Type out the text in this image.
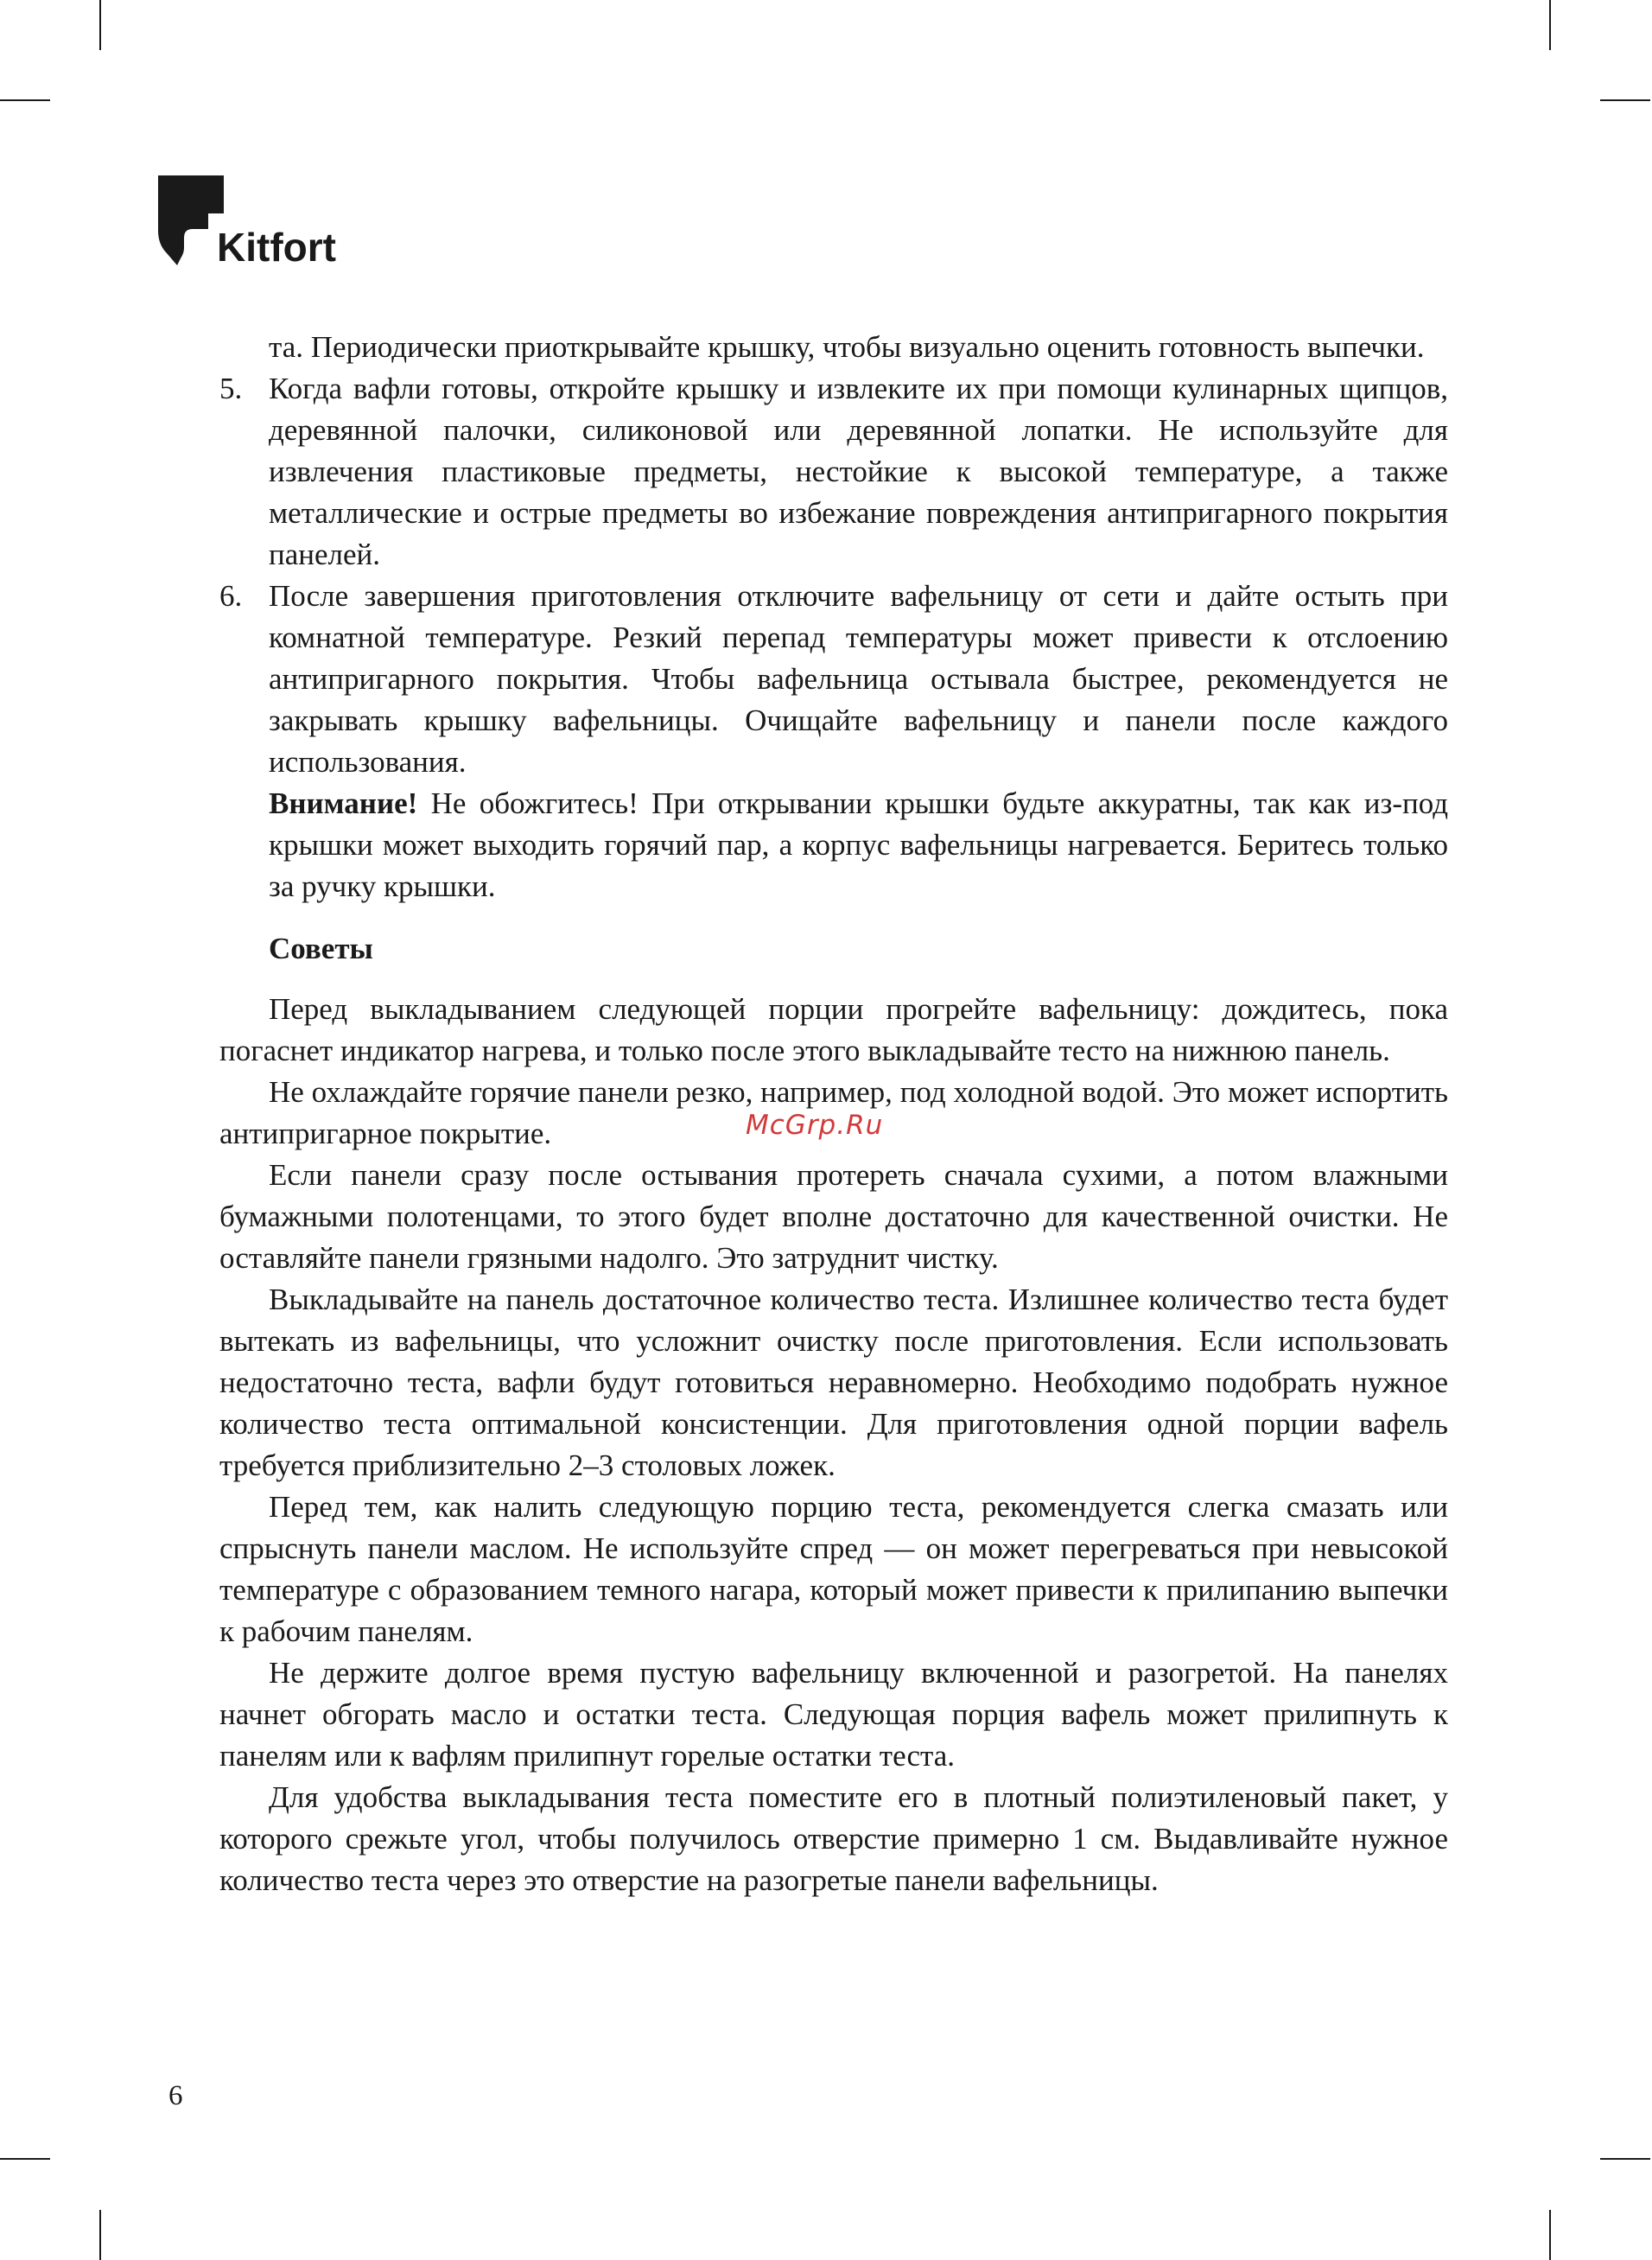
Kitfort
та. Периодически приоткрывайте крышку, чтобы визуально оценить готовность выпечки.
5. Когда вафли готовы, откройте крышку и извлеките их при помощи кулинарных щипцов, деревянной палочки, силиконовой или деревянной лопатки. Не используйте для извлечения пластиковые предметы, нестойкие к высокой температуре, а также металлические и острые предметы во избежание повреждения антипригарного покрытия панелей.
6. После завершения приготовления отключите вафельницу от сети и дайте остыть при комнатной температуре. Резкий перепад температуры может привести к отслоению антипригарного покрытия. Чтобы вафельница остывала быстрее, рекомендуется не закрывать крышку вафельницы. Очищайте вафельницу и панели после каждого использования.
Внимание! Не обожгитесь! При открывании крышки будьте аккуратны, так как из-под крышки может выходить горячий пар, а корпус вафельницы нагревается. Беритесь только за ручку крышки.
Советы

Перед выкладыванием следующей порции прогрейте вафельницу: дождитесь, пока погаснет индикатор нагрева, и только после этого выкладывайте тесто на нижнюю панель.

Не охлаждайте горячие панели резко, например, под холодной водой. Это может испортить антипригарное покрытие.

Если панели сразу после остывания протереть сначала сухими, а потом влажными бумажными полотенцами, то этого будет вполне достаточно для качественной очистки. Не оставляйте панели грязными надолго. Это затруднит чистку.

Выкладывайте на панель достаточное количество теста. Излишнее количество теста будет вытекать из вафельницы, что усложнит очистку после приготовления. Если использовать недостаточно теста, вафли будут готовиться неравномерно. Необходимо подобрать нужное количество теста оптимальной консистенции. Для приготовления одной порции вафель требуется приблизительно 2–3 столовых ложек.

Перед тем, как налить следующую порцию теста, рекомендуется слегка смазать или спрыснуть панели маслом. Не используйте спред — он может перегреваться при невысокой температуре с образованием темного нагара, который может привести к прилипанию выпечки к рабочим панелям.

Не держите долгое время пустую вафельницу включенной и разогретой. На панелях начнет обгорать масло и остатки теста. Следующая порция вафель может прилипнуть к панелям или к вафлям прилипнут горелые остатки теста.

Для удобства выкладывания теста поместите его в плотный полиэтиленовый пакет, у которого срежьте угол, чтобы получилось отверстие примерно 1 см. Выдавливайте нужное количество теста через это отверстие на разогретые панели вафельницы.

McGrp.Ru
6
